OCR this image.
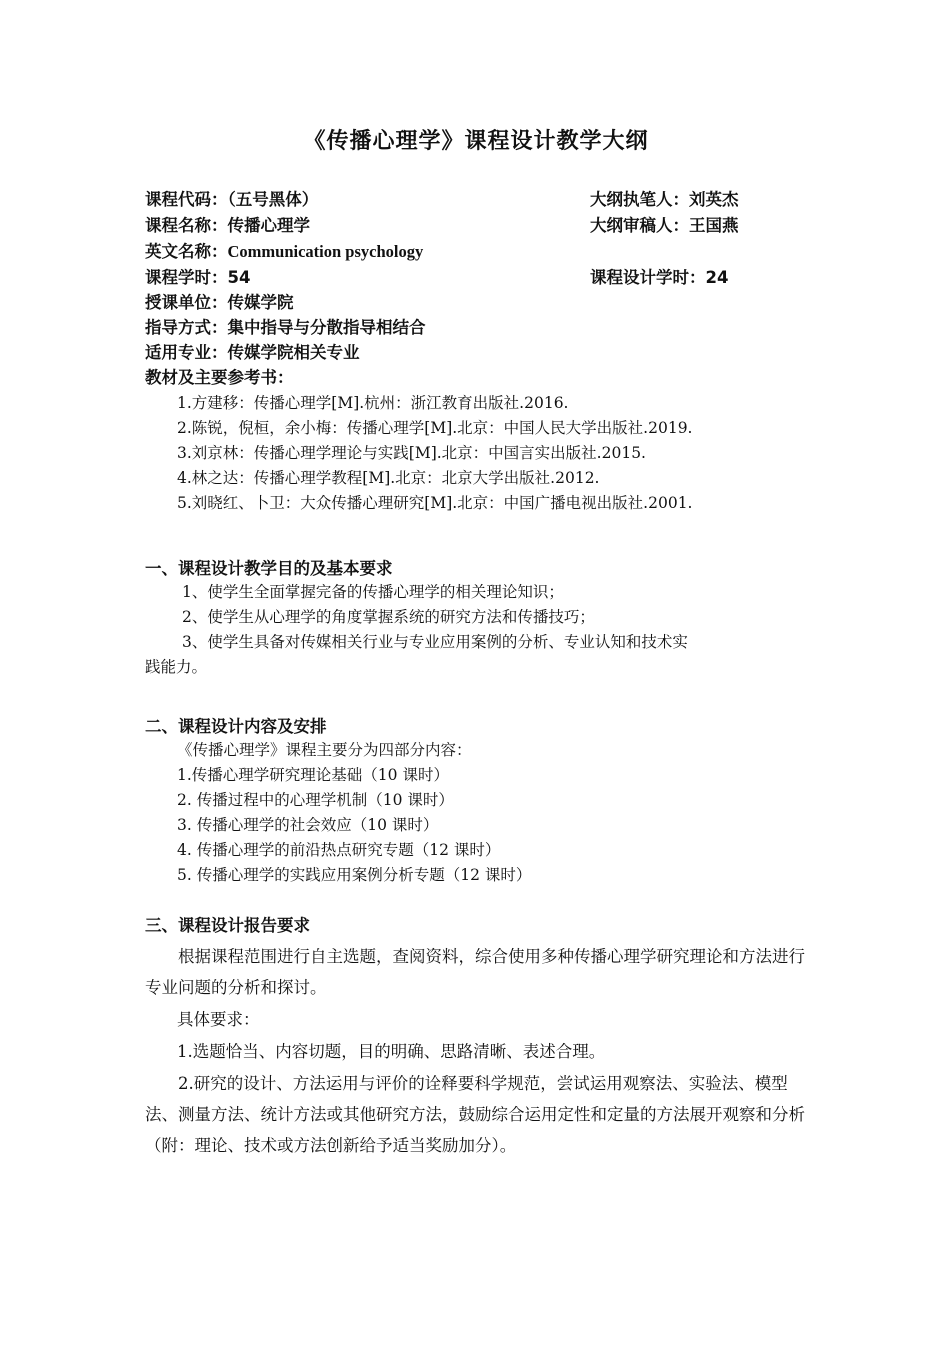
《传播心理学》课程设计教学大纲
课程代码：（五号黑体）	大纲执笔人：刘英杰
课程名称：传播心理学	大纲审稿人：王国燕
英文名称：Communication psychology
课程学时：54	课程设计学时：24
授课单位：传媒学院
指导方式：集中指导与分散指导相结合
适用专业：传媒学院相关专业
教材及主要参考书：
1.方建移：传播心理学[M].杭州：浙江教育出版社.2016.
2.陈锐，倪桓，余小梅：传播心理学[M].北京：中国人民大学出版社.2019.
3.刘京林：传播心理学理论与实践[M].北京：中国言实出版社.2015.
4.林之达：传播心理学教程[M].北京：北京大学出版社.2012.
5.刘晓红、卜卫：大众传播心理研究[M].北京：中国广播电视出版社.2001.
一、课程设计教学目的及基本要求
1、使学生全面掌握完备的传播心理学的相关理论知识；
2、使学生从心理学的角度掌握系统的研究方法和传播技巧；
3、使学生具备对传媒相关行业与专业应用案例的分析、专业认知和技术实
践能力。
二、课程设计内容及安排
《传播心理学》课程主要分为四部分内容：
1.传播心理学研究理论基础（10 课时）
2. 传播过程中的心理学机制（10 课时）
3. 传播心理学的社会效应（10 课时）
4. 传播心理学的前沿热点研究专题（12 课时）
5. 传播心理学的实践应用案例分析专题（12 课时）
三、课程设计报告要求
根据课程范围进行自主选题，查阅资料，综合使用多种传播心理学研究理论和方法进行专业问题的分析和探讨。
具体要求：
1.选题恰当、内容切题，目的明确、思路清晰、表述合理。
2.研究的设计、方法运用与评价的诠释要科学规范，尝试运用观察法、实验法、模型法、测量方法、统计方法或其他研究方法，鼓励综合运用定性和定量的方法展开观察和分析（附：理论、技术或方法创新给予适当奖励加分）。
